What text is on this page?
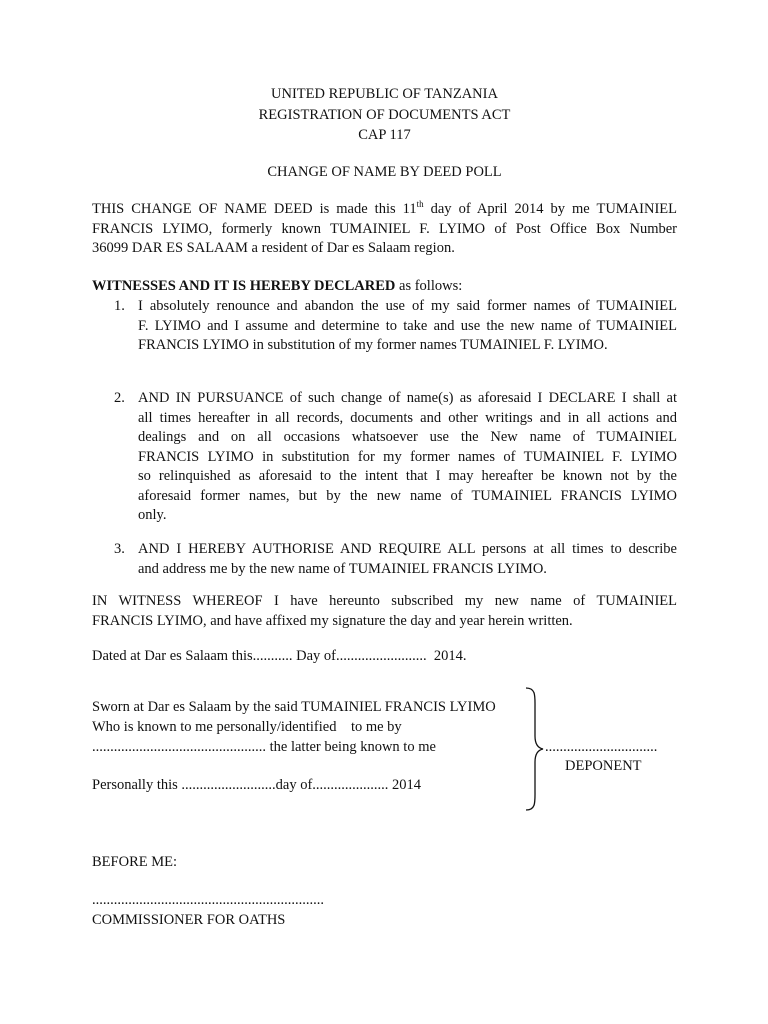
UNITED REPUBLIC OF TANZANIA
REGISTRATION OF DOCUMENTS ACT
CAP 117
CHANGE OF NAME BY DEED POLL
THIS CHANGE OF NAME DEED is made this 11th day of April 2014 by me TUMAINIEL
FRANCIS LYIMO, formerly known TUMAINIEL F. LYIMO of Post Office Box Number
36099 DAR ES SALAAM a resident of Dar es Salaam region.
WITNESSES AND IT IS HEREBY DECLARED as follows:
1. I absolutely renounce and abandon the use of my said former names of TUMAINIEL
F. LYIMO and I assume and determine to take and use the new name of TUMAINIEL
FRANCIS LYIMO in substitution of my former names TUMAINIEL F. LYIMO.
2. AND IN PURSUANCE of such change of name(s) as aforesaid I DECLARE I shall at
all times hereafter in all records, documents and other writings and in all actions and
dealings and on all occasions whatsoever use the New name of TUMAINIEL
FRANCIS LYIMO in substitution for my former names of TUMAINIEL F. LYIMO
so relinquished as aforesaid to the intent that I may hereafter be known not by the
aforesaid former names, but by the new name of TUMAINIEL FRANCIS LYIMO
only.
3. AND I HEREBY AUTHORISE AND REQUIRE ALL persons at all times to describe
and address me by the new name of TUMAINIEL FRANCIS LYIMO.
IN WITNESS WHEREOF I have hereunto subscribed my new name of TUMAINIEL
FRANCIS LYIMO, and have affixed my signature the day and year herein written.
Dated at Dar es Salaam this........... Day of.........................  2014.
Sworn at Dar es Salaam by the said TUMAINIEL FRANCIS LYIMO
Who is known to me personally/identified    to me by
................................................ the latter being known to me
Personally this ..........................day of..................... 2014
...............................
DEPONENT
BEFORE ME:
................................................................
COMMISSIONER FOR OATHS
